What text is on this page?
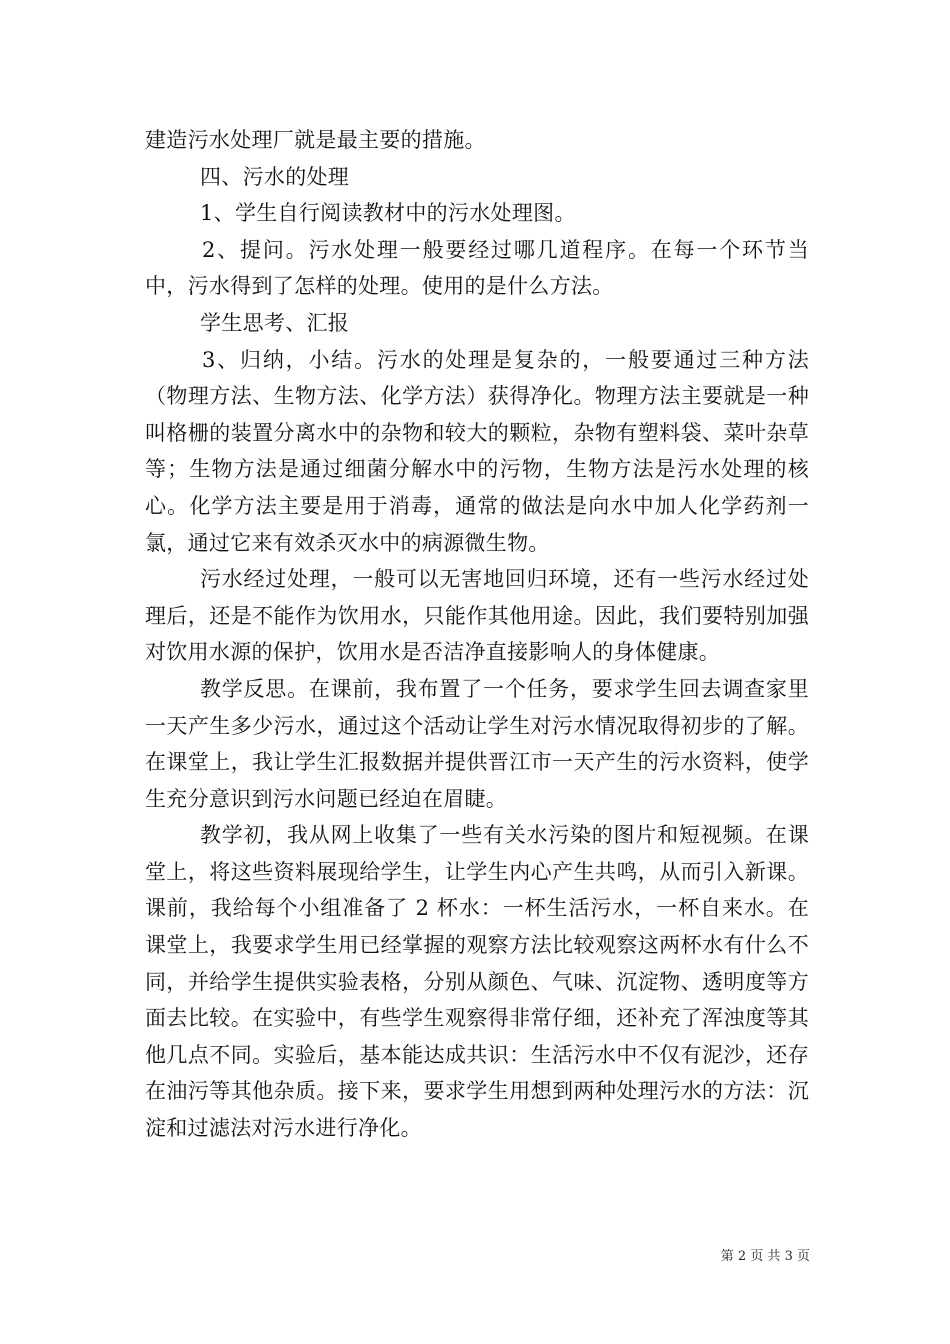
建造污水处理厂就是最主要的措施。

四、污水的处理

1、学生自行阅读教材中的污水处理图。

2、提问。污水处理一般要经过哪几道程序。在每一个环节当中，污水得到了怎样的处理。使用的是什么方法。

学生思考、汇报

3、归纳，小结。污水的处理是复杂的，一般要通过三种方法（物理方法、生物方法、化学方法）获得净化。物理方法主要就是一种叫格栅的装置分离水中的杂物和较大的颗粒，杂物有塑料袋、菜叶杂草等；生物方法是通过细菌分解水中的污物，生物方法是污水处理的核心。化学方法主要是用于消毒，通常的做法是向水中加人化学药剂一氯，通过它来有效杀灭水中的病源微生物。

污水经过处理，一般可以无害地回归环境，还有一些污水经过处理后，还是不能作为饮用水，只能作其他用途。因此，我们要特别加强对饮用水源的保护，饮用水是否洁净直接影响人的身体健康。

教学反思。在课前，我布置了一个任务，要求学生回去调查家里一天产生多少污水，通过这个活动让学生对污水情况取得初步的了解。在课堂上，我让学生汇报数据并提供晋江市一天产生的污水资料，使学生充分意识到污水问题已经迫在眉睫。

教学初，我从网上收集了一些有关水污染的图片和短视频。在课堂上，将这些资料展现给学生，让学生内心产生共鸣，从而引入新课。课前，我给每个小组准备了 2 杯水：一杯生活污水，一杯自来水。在课堂上，我要求学生用已经掌握的观察方法比较观察这两杯水有什么不同，并给学生提供实验表格，分别从颜色、气味、沉淀物、透明度等方面去比较。在实验中，有些学生观察得非常仔细，还补充了浑浊度等其他几点不同。实验后，基本能达成共识：生活污水中不仅有泥沙，还存在油污等其他杂质。接下来，要求学生用想到两种处理污水的方法：沉淀和过滤法对污水进行净化。

第 2 页 共 3 页
